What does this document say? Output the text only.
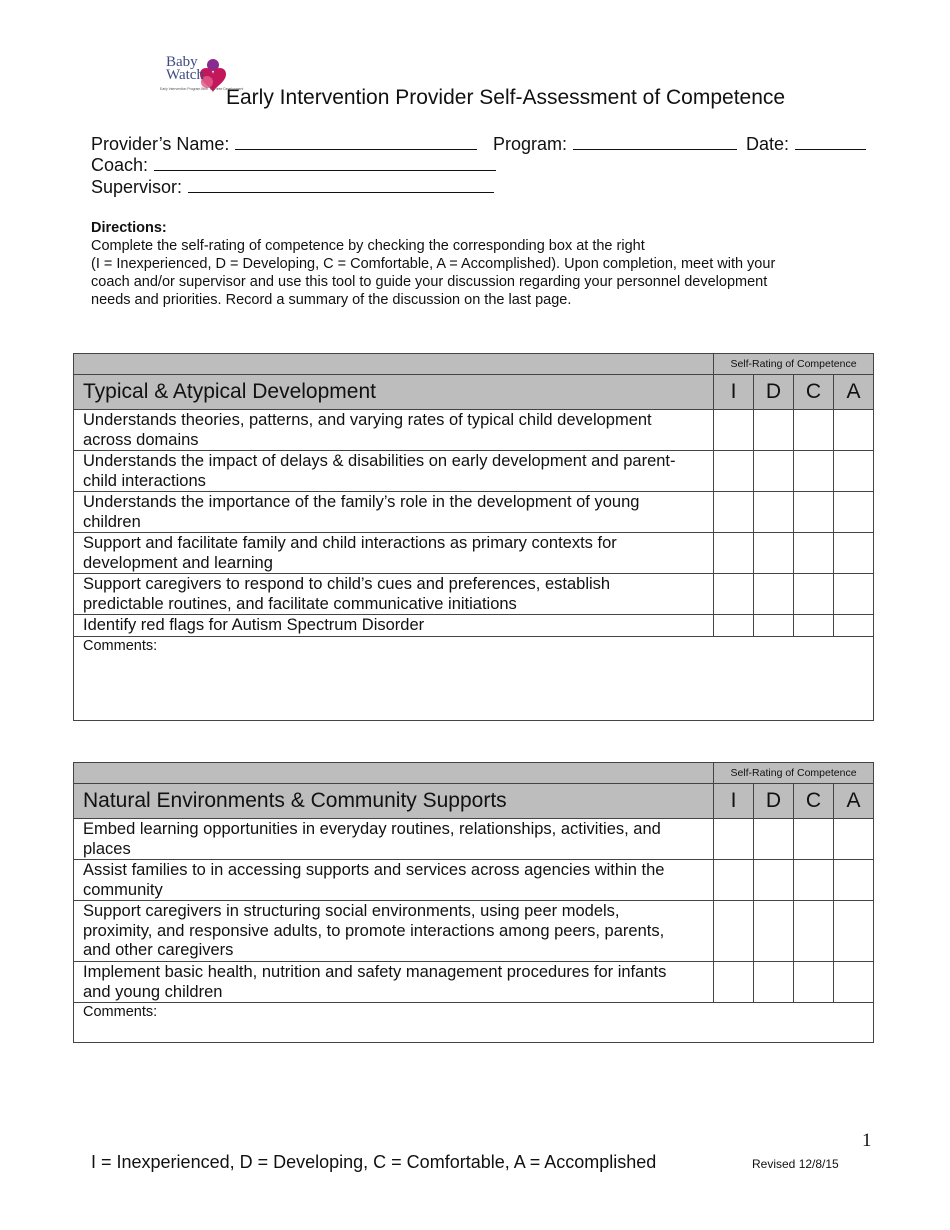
Baby Watch
Early Intervention Program Birth To Three Development
Early Intervention Provider Self-Assessment of Competence
Provider’s Name:	Program:	Date:
Coach:
Supervisor:
Directions:
Complete the self-rating of competence by checking the corresponding box at the right
(I = Inexperienced, D = Developing, C = Comfortable, A = Accomplished). Upon completion, meet with your
coach and/or supervisor and use this tool to guide your discussion regarding your personnel development
needs and priorities. Record a summary of the discussion on the last page.
	Self-Rating of Competence			
Typical & Atypical Development	I	D	C	A

Understands theories, patterns, and varying rates of typical child development
across domains				

Understands the impact of delays & disabilities on early development and parent-
child interactions				

Understands the importance of the family’s role in the development of young
children				

Support and facilitate family and child interactions as primary contexts for
development and learning				

Support caregivers to respond to child’s cues and preferences, establish
predictable routines, and facilitate communicative initiations				

Identify red flags for Autism Spectrum Disorder				

Comments:				
	Self-Rating of Competence			
Natural Environments & Community Supports	I	D	C	A

Embed learning opportunities in everyday routines, relationships, activities, and
places				

Assist families to in accessing supports and services across agencies within the
community				

Support caregivers in structuring social environments, using peer models,
proximity, and responsive adults, to promote interactions among peers, parents,
and other caregivers				

Implement basic health, nutrition and safety management procedures for infants
and young children				

Comments:				
1
I = Inexperienced, D = Developing, C = Comfortable, A = Accomplished	Revised 12/8/15
